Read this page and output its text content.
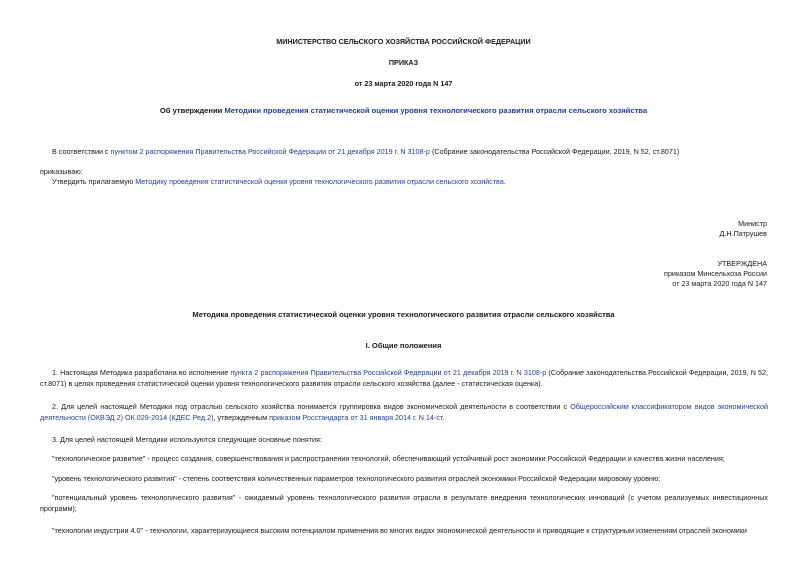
МИНИСТЕРСТВО СЕЛЬСКОГО ХОЗЯЙСТВА РОССИЙСКОЙ ФЕДЕРАЦИИ
ПРИКАЗ
от 23 марта 2020 года N 147
Об утверждении Методики проведения статистической оценки уровня технологического развития отрасли сельского хозяйства
В соответствии с пунктом 2 распоряжения Правительства Российской Федерации от 21 декабря 2019 г. N 3108-р (Собрание законодательства Российской Федерации, 2019, N 52, ст.8071)
приказываю:
Утвердить прилагаемую Методику проведения статистической оценки уровня технологического развития отрасли сельского хозяйства.
Министр
Д.Н.Патрушев
УТВЕРЖДЕНА
приказом Минсельхоза России
от 23 марта 2020 года N 147
Методика проведения статистической оценки уровня технологического развития отрасли сельского хозяйства
I. Общие положения
1. Настоящая Методика разработана во исполнение пункта 2 распоряжения Правительства Российской Федерации от 21 декабря 2019 г. N 3108-р (Собрание законодательства Российской Федерации, 2019, N 52, ст.8071) в целях проведения статистической оценки уровня технологического развития отрасли сельского хозяйства (далее - статистическая оценка).
2. Для целей настоящей Методики под отраслью сельского хозяйства понимается группировка видов экономической деятельности в соответствии с Общероссийским классификатором видов экономической деятельности (ОКВЭД 2) ОК 029-2014 (КДЕС Ред.2), утвержденным приказом Росстандарта от 31 января 2014 г. N 14-ст.
3. Для целей настоящей Методики используются следующие основные понятия:
"технологическое развитие" - процесс создания, совершенствования и распространения технологий, обеспечивающий устойчивый рост экономики Российской Федерации и качества жизни населения;
"уровень технологического развития" - степень соответствия количественных параметров технологического развития отраслей экономики Российской Федерации мировому уровню;
"потенциальный уровень технологического развития" - ожидаемый уровень технологического развития отрасли в результате внедрения технологических инноваций (с учетом реализуемых инвестиционных программ);
"технологии индустрии 4.0" - технологии, характеризующиеся высоким потенциалом применения во многих видах экономической деятельности и приводящие к структурным изменениям отраслей экономики
